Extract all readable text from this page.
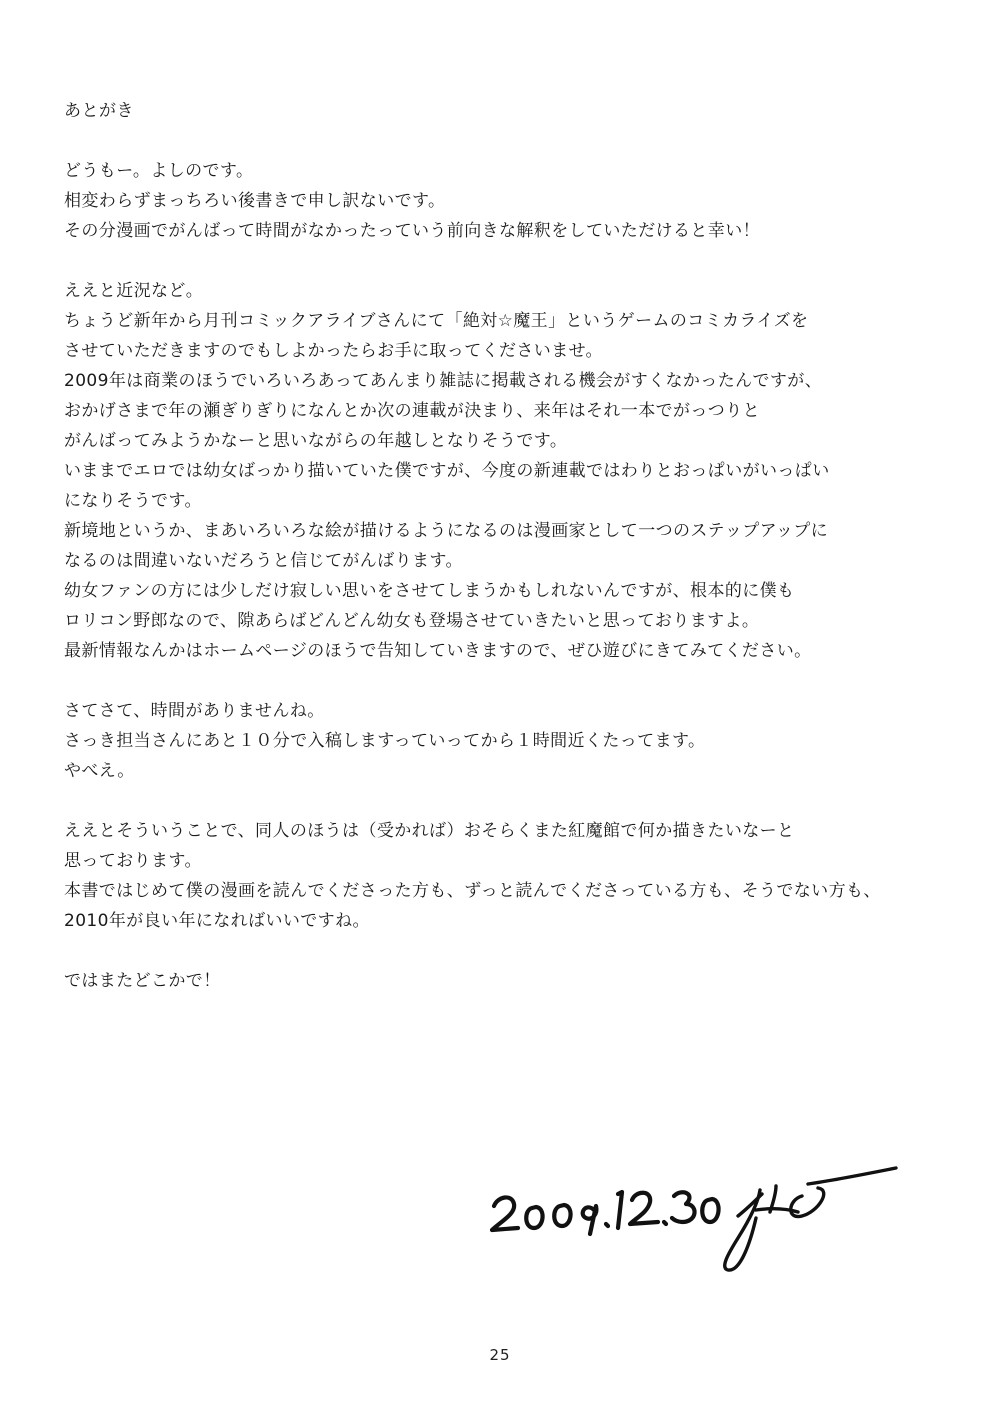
あとがき
どうもー。よしのです。
相変わらずまっちろい後書きで申し訳ないです。
その分漫画でがんばって時間がなかったっていう前向きな解釈をしていただけると幸い！
ええと近況など。
ちょうど新年から月刊コミックアライブさんにて「絶対☆魔王」というゲームのコミカライズを
させていただきますのでもしよかったらお手に取ってくださいませ。
2009年は商業のほうでいろいろあってあんまり雑誌に掲載される機会がすくなかったんですが、
おかげさまで年の瀬ぎりぎりになんとか次の連載が決まり、来年はそれ一本でがっつりと
がんばってみようかなーと思いながらの年越しとなりそうです。
いままでエロでは幼女ばっかり描いていた僕ですが、今度の新連載ではわりとおっぱいがいっぱい
になりそうです。
新境地というか、まあいろいろな絵が描けるようになるのは漫画家として一つのステップアップに
なるのは間違いないだろうと信じてがんばります。
幼女ファンの方には少しだけ寂しい思いをさせてしまうかもしれないんですが、根本的に僕も
ロリコン野郎なので、隙あらばどんどん幼女も登場させていきたいと思っておりますよ。
最新情報なんかはホームページのほうで告知していきますので、ぜひ遊びにきてみてください。
さてさて、時間がありませんね。
さっき担当さんにあと１０分で入稿しますっていってから１時間近くたってます。
やべえ。
ええとそういうことで、同人のほうは（受かれば）おそらくまた紅魔館で何か描きたいなーと
思っております。
本書ではじめて僕の漫画を読んでくださった方も、ずっと読んでくださっている方も、そうでない方も、
2010年が良い年になればいいですね。
ではまたどこかで！
25
